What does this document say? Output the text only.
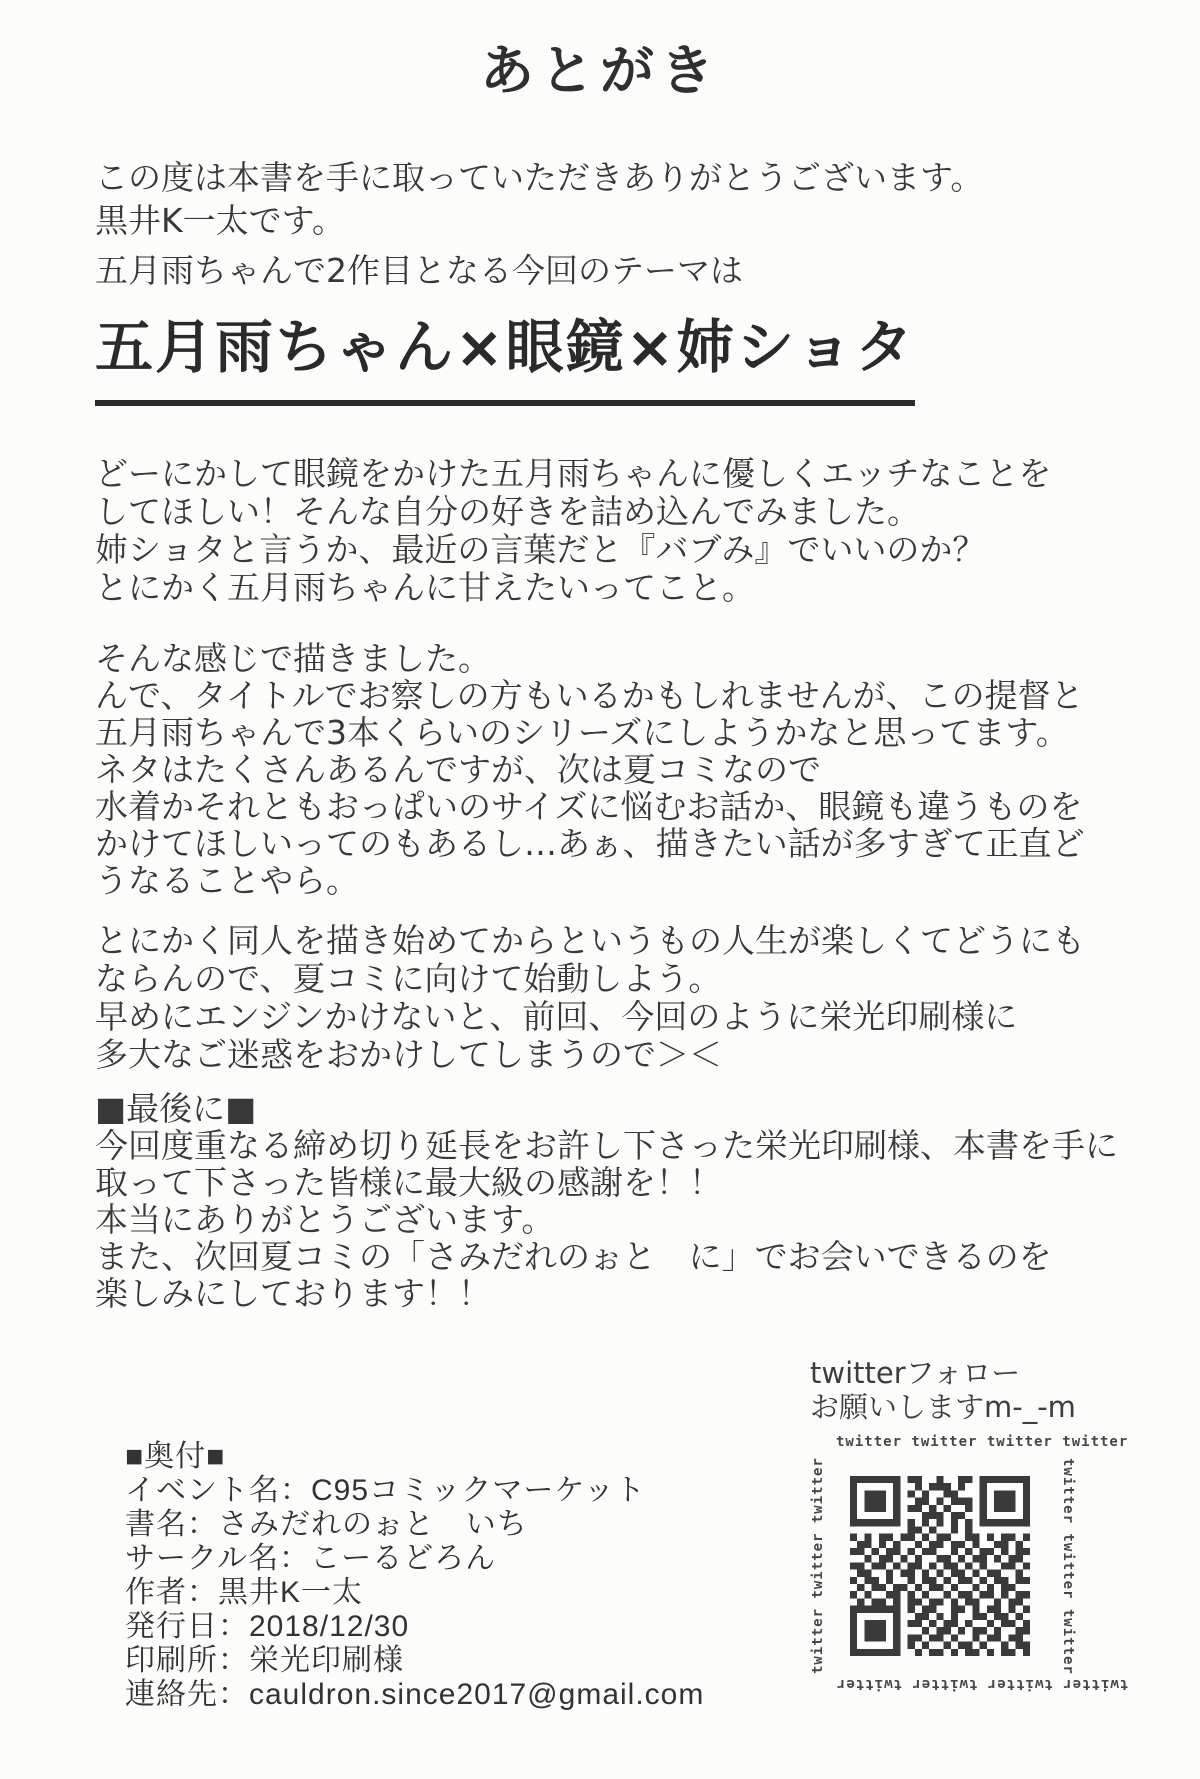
あとがき
この度は本書を手に取っていただきありがとうございます。
黒井K一太です。
五月雨ちゃんで2作目となる今回のテーマは
五月雨ちゃん×眼鏡×姉ショタ
どーにかして眼鏡をかけた五月雨ちゃんに優しくエッチなことを
してほしい！そんな自分の好きを詰め込んでみました。
姉ショタと言うか、最近の言葉だと『バブみ』でいいのか？
とにかく五月雨ちゃんに甘えたいってこと。
そんな感じで描きました。
んで、タイトルでお察しの方もいるかもしれませんが、この提督と
五月雨ちゃんで3本くらいのシリーズにしようかなと思ってます。
ネタはたくさんあるんですが、次は夏コミなので
水着かそれともおっぱいのサイズに悩むお話か、眼鏡も違うものを
かけてほしいってのもあるし…あぁ、描きたい話が多すぎて正直ど
うなることやら。
とにかく同人を描き始めてからというもの人生が楽しくてどうにも
ならんので、夏コミに向けて始動しよう。
早めにエンジンかけないと、前回、今回のように栄光印刷様に
多大なご迷惑をおかけしてしまうので＞＜
■最後に■
今回度重なる締め切り延長をお許し下さった栄光印刷様、本書を手に
取って下さった皆様に最大級の感謝を！！
本当にありがとうございます。
また、次回夏コミの「さみだれのぉと　に」でお会いできるのを
楽しみにしております！！
twitterフォロー
お願いしますm-_-m
twitter twitter twitter twitter
twitter twitter twitter	twitter twitter twitter
twitter twitter twitter twitter
■奥付■
イベント名：C95コミックマーケット
書名：さみだれのぉと　いち
サークル名：こーるどろん
作者：黒井K一太
発行日：2018/12/30
印刷所：栄光印刷様
連絡先：cauldron.since2017@gmail.com
